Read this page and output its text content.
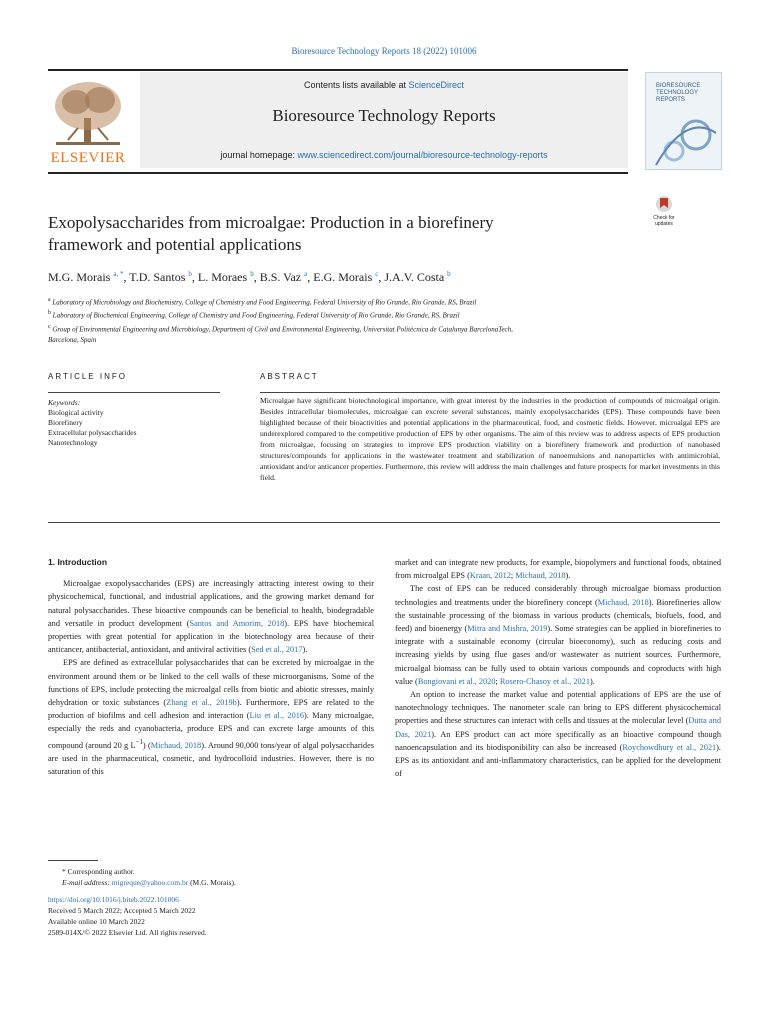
Bioresource Technology Reports 18 (2022) 101006
ELSEVIER
Contents lists available at ScienceDirect
Bioresource Technology Reports
journal homepage: www.sciencedirect.com/journal/bioresource-technology-reports
BIORESOURCE
TECHNOLOGY
REPORTS
Check for updates
Exopolysaccharides from microalgae: Production in a biorefinery
framework and potential applications
M.G. Morais $^{a, *}$, T.D. Santos $^b$, L. Moraes $^b$, B.S. Vaz $^a$, E.G. Morais $^c$, J.A.V. Costa $^b$
$^a$ Laboratory of Microbiology and Biochemistry, College of Chemistry and Food Engineering, Federal University of Rio Grande, Rio Grande, RS, Brazil
$^b$ Laboratory of Biochemical Engineering, College of Chemistry and Food Engineering, Federal University of Rio Grande, Rio Grande, RS, Brazil
$^c$ Group of Environmental Engineering and Microbiology, Department of Civil and Environmental Engineering, Universitat Politècnica de Catalunya BarcelonaTech,
Barcelona, Spain
ARTICLE INFO	ABSTRACT
Keywords:
Biological activity
Biorefinery
Extracellular polysaccharides
Nanotechnology
Microalgae have significant biotechnological importance, with great interest by the industries in the production of compounds of microalgal origin. Besides intracellular biomolecules, microalgae can excrete several substances, mainly exopolysaccharides (EPS). These compounds have been highlighted because of their bioactivities and potential applications in the pharmaceutical, food, and cosmetic fields. However, microalgal EPS are underexplored compared to the competitive production of EPS by other organisms. The aim of this review was to address aspects of EPS production from microalgae, focusing on strategies to improve EPS production viability on a biorefinery framework and production of nanobased structures/compounds for applications in the wastewater treatment and stabilization of nanoemulsions and nanoparticles with antimicrobial, antioxidant and/or anticancer properties. Furthermore, this review will address the main challenges and future prospects for market investments in this field.

1. Introduction

Microalgae exopolysaccharides (EPS) are increasingly attracting interest owing to their physicochemical, functional, and industrial applications, and the growing market demand for natural polysaccharides. These bioactive compounds can be beneficial to health, biodegradable and versatile in product development (Santos and Amorim, 2018). EPS have biochemical properties with great potential for application in the biotechnology area because of their anticancer, antibacterial, antioxidant, and antiviral activities (Sed et al., 2017).

EPS are defined as extracellular polysaccharides that can be excreted by microalgae in the environment around them or be linked to the cell walls of these microorganisms. Some of the functions of EPS, include protecting the microalgal cells from biotic and abiotic stresses, mainly dehydration or toxic substances (Zhang et al., 2019b). Furthermore, EPS are related to the production of biofilms and cell adhesion and interaction (Liu et al., 2016). Many microalgae, especially the reds and cyanobacteria, produce EPS and can excrete large amounts of this compound (around 20 g $L^{-1}$) (Michaud, 2018). Around 90,000 tons/year of algal polysaccharides are used in the pharmaceutical, cosmetic, and hydrocolloid industries. However, there is no saturation of this

market and can integrate new products, for example, biopolymers and functional foods, obtained from microalgal EPS (Kraan, 2012; Michaud, 2018).

The cost of EPS can be reduced considerably through microalgae biomass production technologies and treatments under the biorefinery concept (Michaud, 2018). Biorefineries allow the sustainable processing of the biomass in various products (chemicals, biofuels, food, and feed) and bioenergy (Mitra and Mishra, 2019). Some strategies can be applied in biorefineries to integrate with a sustainable economy (circular bioeconomy), such as reducing costs and increasing yields by using flue gases and/or wastewater as nutrient sources. Furthermore, microalgal biomass can be fully used to obtain various compounds and coproducts with high value (Bongiovani et al., 2020; Rosero-Chasoy et al., 2021).

An option to increase the market value and potential applications of EPS are the use of nanotechnology techniques. The nanometer scale can bring to EPS different physicochemical properties and these structures can interact with cells and tissues at the molecular level (Dutta and Das, 2021). An EPS product can act more specifically as an bioactive compound though nanoencapsulation and its biodisponibility can also be increased (Roychowdhury et al., 2021). EPS as its antioxidant and anti-inflammatory characteristics, can be applied for the development of

* Corresponding author.
E-mail address: migreque@yahoo.com.br (M.G. Morais).
https://doi.org/10.1016/j.biteb.2022.101006
Received 5 March 2022; Accepted 5 March 2022
Available online 10 March 2022
2589-014X/© 2022 Elsevier Ltd. All rights reserved.
